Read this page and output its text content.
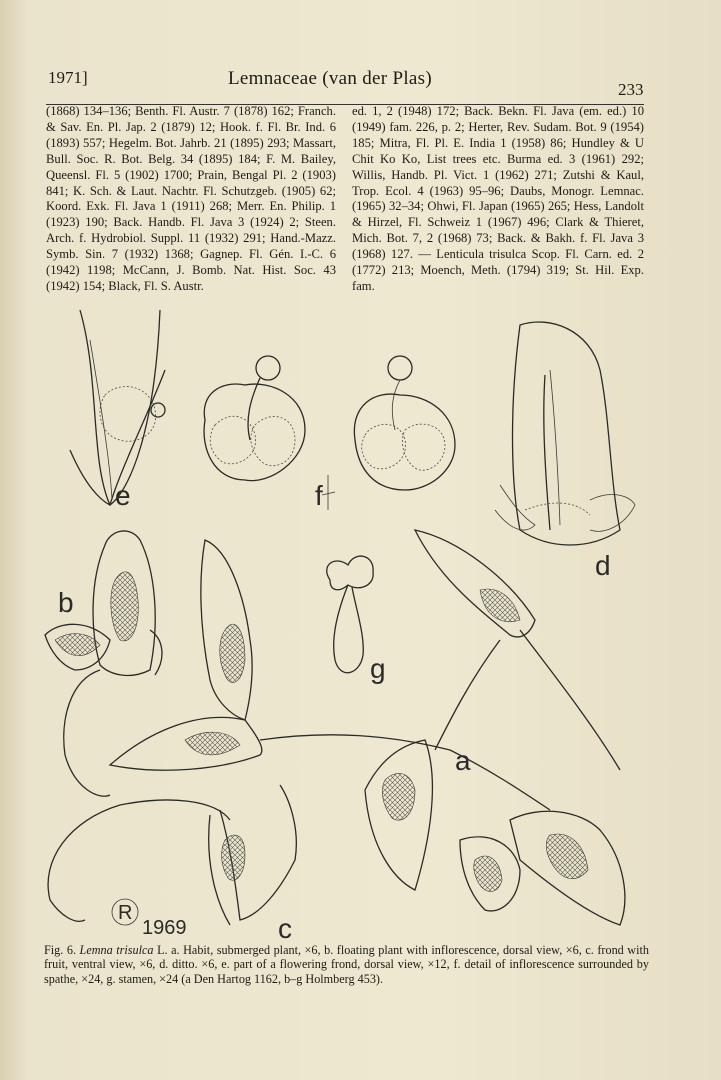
1971]	Lemnaceae (van der Plas)
233

(1868) 134–136; Benth. Fl. Austr. 7 (1878) 162; Franch. & Sav. En. Pl. Jap. 2 (1879) 12; Hook. f. Fl. Br. Ind. 6 (1893) 557; Hegelm. Bot. Jahrb. 21 (1895) 293; Massart, Bull. Soc. R. Bot. Belg. 34 (1895) 184; F. M. Bailey, Queensl. Fl. 5 (1902) 1700; Prain, Bengal Pl. 2 (1903) 841; K. Sch. & Laut. Nachtr. Fl. Schutzgeb. (1905) 62; Koord. Exk. Fl. Java 1 (1911) 268; Merr. En. Philip. 1 (1923) 190; Back. Handb. Fl. Java 3 (1924) 2; Steen. Arch. f. Hydrobiol. Suppl. 11 (1932) 291; Hand.-Mazz. Symb. Sin. 7 (1932) 1368; Gagnep. Fl. Gén. I.-C. 6 (1942) 1198; McCann, J. Bomb. Nat. Hist. Soc. 43 (1942) 154; Black, Fl. S. Austr.

ed. 1, 2 (1948) 172; Back. Bekn. Fl. Java (em. ed.) 10 (1949) fam. 226, p. 2; Herter, Rev. Sudam. Bot. 9 (1954) 185; Mitra, Fl. Pl. E. India 1 (1958) 86; Hundley & U Chit Ko Ko, List trees etc. Burma ed. 3 (1961) 292; Willis, Handb. Pl. Vict. 1 (1962) 271; Zutshi & Kaul, Trop. Ecol. 4 (1963) 95–96; Daubs, Monogr. Lemnac. (1965) 32–34; Ohwi, Fl. Japan (1965) 265; Hess, Landolt & Hirzel, Fl. Schweiz 1 (1967) 496; Clark & Thieret, Mich. Bot. 7, 2 (1968) 73; Back. & Bakh. f. Fl. Java 3 (1968) 127. — Lenticula trisulca Scop. Fl. Carn. ed. 2 (1772) 213; Moench, Meth. (1794) 319; St. Hil. Exp. fam.

e	f
d
b
g
a
c
R
1969
Fig. 6. Lemna trisulca L. a. Habit, submerged plant, ×6, b. floating plant with inflorescence, dorsal view, ×6, c. frond with fruit, ventral view, ×6, d. ditto. ×6, e. part of a flowering frond, dorsal view, ×12, f. detail of inflorescence surrounded by spathe, ×24, g. stamen, ×24 (a Den Hartog 1162, b–g Holmberg 453).
